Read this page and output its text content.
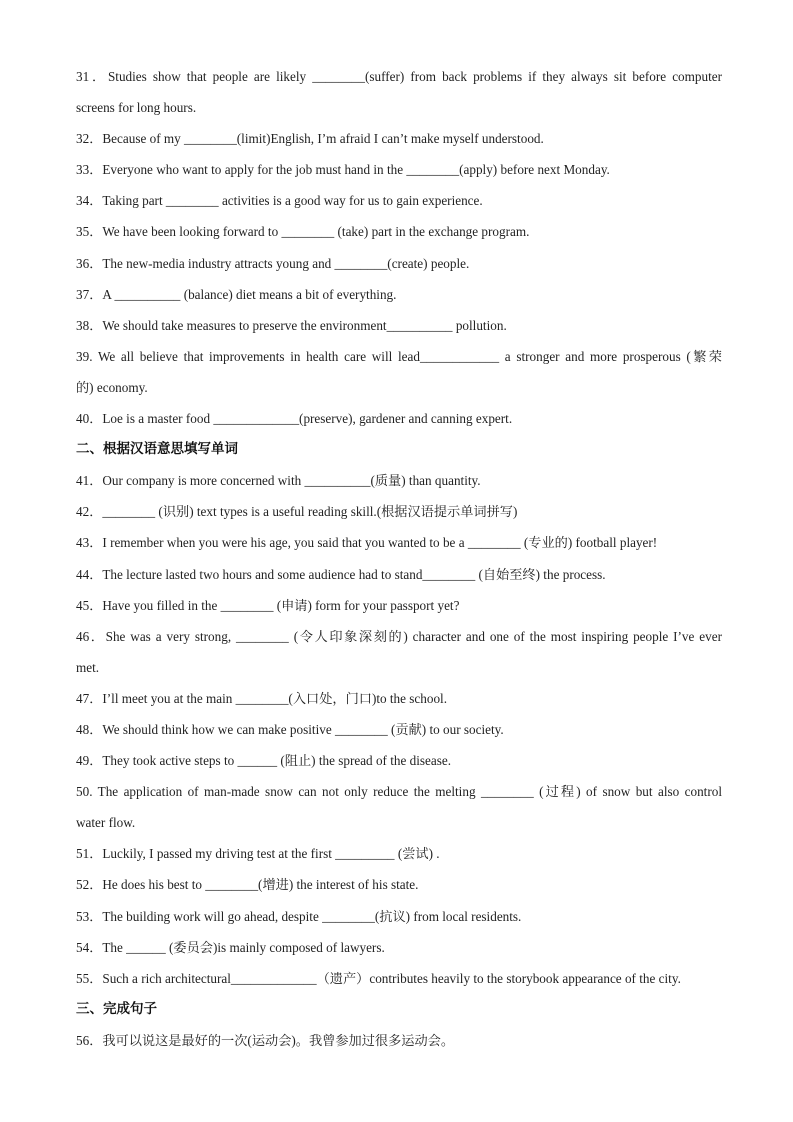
31．Studies show that people are likely ________(suffer) from back problems if they always sit before computer
screens for long hours.
32．Because of my ________(limit)English, I’m afraid I can’t make myself understood.
33．Everyone who want to apply for the job must hand in the ________(apply) before next Monday.
34．Taking part ________ activities is a good way for us to gain experience.
35．We have been looking forward to ________ (take) part in the exchange program.
36．The new-media industry attracts young and ________(create) people.
37．A __________ (balance) diet means a bit of everything.
38．We should take measures to preserve the environment__________ pollution.
39. We all believe that improvements in health care will lead____________ a stronger and more prosperous (繁荣
的) economy.
40．Loe is a master food _____________(preserve), gardener and canning expert.
二、根据汉语意思填写单词
41．Our company is more concerned with __________(质量) than quantity.
42．________ (识别) text types is a useful reading skill.(根据汉语提示单词拼写)
43．I remember when you were his age, you said that you wanted to be a ________ (专业的) football player!
44．The lecture lasted two hours and some audience had to stand________ (自始至终) the process.
45．Have you filled in the ________ (申请) form for your passport yet?
46．She was a very strong, ________ (令人印象深刻的) character and one of the most inspiring people I’ve ever
met.
47．I’ll meet you at the main ________(入口处，门口)to the school.
48．We should think how we can make positive ________ (贡献) to our society.
49．They took active steps to ______ (阻止) the spread of the disease.
50. The application of man-made snow can not only reduce the melting ________ (过程) of snow but also control
water flow.
51．Luckily, I passed my driving test at the first _________ (尝试) .
52．He does his best to ________(增进) the interest of his state.
53．The building work will go ahead, despite ________(抗议) from local residents.
54．The ______ (委员会)is mainly composed of lawyers.
55．Such a rich architectural_____________（遗产）contributes heavily to the storybook appearance of the city.
三、完成句子
56．我可以说这是最好的一次(运动会)。我曾参加过很多运动会。
